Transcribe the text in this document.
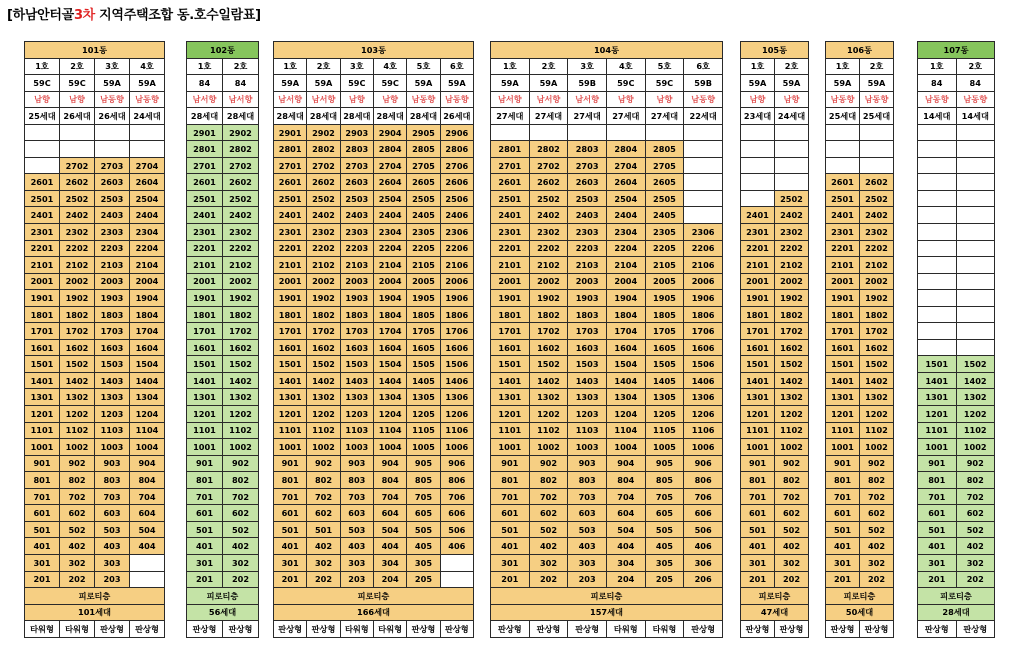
[하남안터골3차 지역주택조합 동.호수일람표]
101동			
1호	2호	3호	4호
59C	59C	59A	59A
남향	남향	남동향	남동향
25세대	26세대	26세대	24세대

	2702	2703	2704
2601	2602	2603	2604
2501	2502	2503	2504
2401	2402	2403	2404
2301	2302	2303	2304
2201	2202	2203	2204
2101	2102	2103	2104
2001	2002	2003	2004
1901	1902	1903	1904
1801	1802	1803	1804
1701	1702	1703	1704
1601	1602	1603	1604
1501	1502	1503	1504
1401	1402	1403	1404
1301	1302	1303	1304
1201	1202	1203	1204
1101	1102	1103	1104
1001	1002	1003	1004
901	902	903	904
801	802	803	804
701	702	703	704
601	602	603	604
501	502	503	504
401	402	403	404
301	302	303	
201	202	203	
피로티층			
101세대			
타워형	타워형	판상형	판상형
102동	
1호	2호
84	84
남서향	남서향
28세대	28세대
2901	2902
2801	2802
2701	2702
2601	2602
2501	2502
2401	2402
2301	2302
2201	2202
2101	2102
2001	2002
1901	1902
1801	1802
1701	1702
1601	1602
1501	1502
1401	1402
1301	1302
1201	1202
1101	1102
1001	1002
901	902
801	802
701	702
601	602
501	502
401	402
301	302
201	202
피로티층	
56세대	
판상형	판상형
103동					
1호	2호	3호	4호	5호	6호
59A	59A	59C	59C	59A	59A
남서향	남서향	남향	남향	남동향	남동향
28세대	28세대	28세대	28세대	28세대	26세대
2901	2902	2903	2904	2905	2906
2801	2802	2803	2804	2805	2806
2701	2702	2703	2704	2705	2706
2601	2602	2603	2604	2605	2606
2501	2502	2503	2504	2505	2506
2401	2402	2403	2404	2405	2406
2301	2302	2303	2304	2305	2306
2201	2202	2203	2204	2205	2206
2101	2102	2103	2104	2105	2106
2001	2002	2003	2004	2005	2006
1901	1902	1903	1904	1905	1906
1801	1802	1803	1804	1805	1806
1701	1702	1703	1704	1705	1706
1601	1602	1603	1604	1605	1606
1501	1502	1503	1504	1505	1506
1401	1402	1403	1404	1405	1406
1301	1302	1303	1304	1305	1306
1201	1202	1203	1204	1205	1206
1101	1102	1103	1104	1105	1106
1001	1002	1003	1004	1005	1006
901	902	903	904	905	906
801	802	803	804	805	806
701	702	703	704	705	706
601	602	603	604	605	606
501	501	503	504	505	506
401	402	403	404	405	406
301	302	303	304	305	
201	202	203	204	205	
피로티층					
166세대					
판상형	판상형	타워형	타워형	판상형	판상형
104동					
1호	2호	3호	4호	5호	6호
59A	59A	59B	59C	59C	59B
남서향	남서향	남서향	남향	남향	남동향
27세대	27세대	27세대	27세대	27세대	22세대

2801	2802	2803	2804	2805	
2701	2702	2703	2704	2705	
2601	2602	2603	2604	2605	
2501	2502	2503	2504	2505	
2401	2402	2403	2404	2405	
2301	2302	2303	2304	2305	2306
2201	2202	2203	2204	2205	2206
2101	2102	2103	2104	2105	2106
2001	2002	2003	2004	2005	2006
1901	1902	1903	1904	1905	1906
1801	1802	1803	1804	1805	1806
1701	1702	1703	1704	1705	1706
1601	1602	1603	1604	1605	1606
1501	1502	1503	1504	1505	1506
1401	1402	1403	1404	1405	1406
1301	1302	1303	1304	1305	1306
1201	1202	1203	1204	1205	1206
1101	1102	1103	1104	1105	1106
1001	1002	1003	1004	1005	1006
901	902	903	904	905	906
801	802	803	804	805	806
701	702	703	704	705	706
601	602	603	604	605	606
501	502	503	504	505	506
401	402	403	404	405	406
301	302	303	304	305	306
201	202	203	204	205	206
피로티층					
157세대					
판상형	판상형	판상형	타워형	타워형	판상형
105동	
1호	2호
59A	59A
남향	남향
23세대	24세대

	2502
2401	2402
2301	2302
2201	2202
2101	2102
2001	2002
1901	1902
1801	1802
1701	1702
1601	1602
1501	1502
1401	1402
1301	1302
1201	1202
1101	1102
1001	1002
901	902
801	802
701	702
601	602
501	502
401	402
301	302
201	202
피로티층	
47세대	
판상형	판상형
106동	
1호	2호
59A	59A
남동향	남동향
25세대	25세대

2601	2602
2501	2502
2401	2402
2301	2302
2201	2202
2101	2102
2001	2002
1901	1902
1801	1802
1701	1702
1601	1602
1501	1502
1401	1402
1301	1302
1201	1202
1101	1102
1001	1002
901	902
801	802
701	702
601	602
501	502
401	402
301	302
201	202
피로티층	
50세대	
판상형	판상형
107동	
1호	2호
84	84
남동향	남동향
14세대	14세대

1501	1502
1401	1402
1301	1302
1201	1202
1101	1102
1001	1002
901	902
801	802
701	702
601	602
501	502
401	402
301	302
201	202
피로티층	
28세대	
판상형	판상형
